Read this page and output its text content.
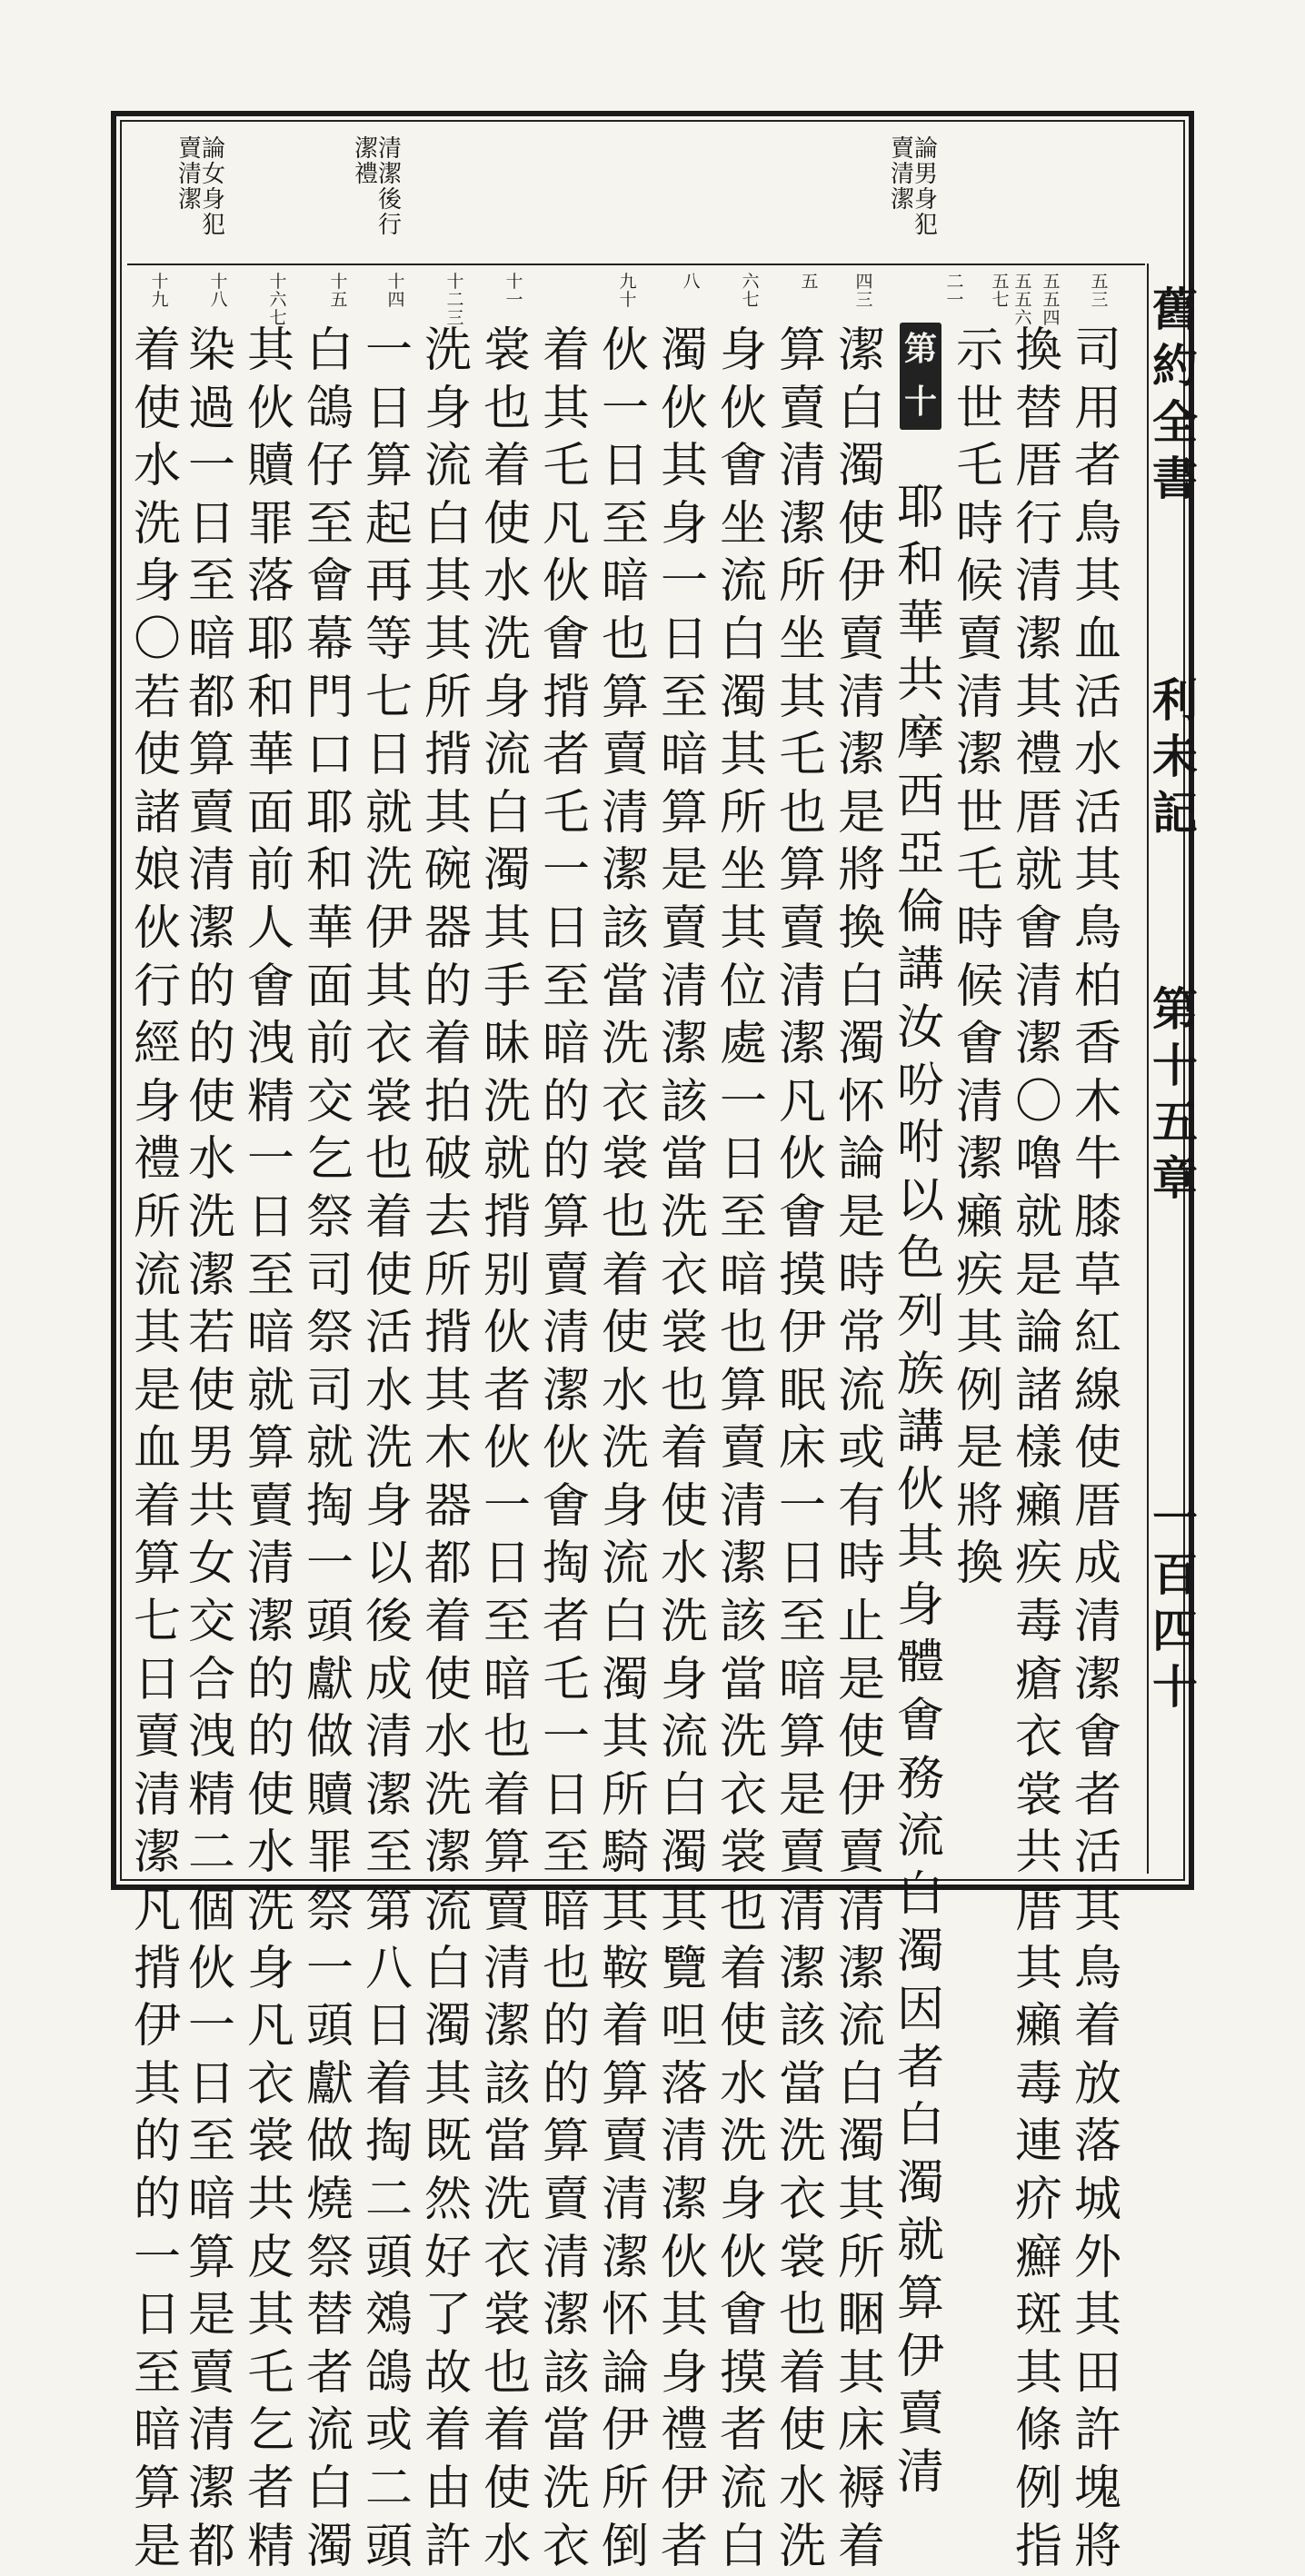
舊約全書
利未記
第十五章
一百四十
論男身犯
賣清潔
清潔後行
潔禮
論女身犯
賣清潔
五三
五五四
五五六
五七
二一
四三
五
六七
八
九十
十一
十二三
十四
十五
十六七
十八
十九
司用者鳥其血活水活其鳥柏香木牛膝草紅線使厝成清潔㑹者活其鳥着放落城外其田許塊將
換替厝行清潔其禮厝就㑹清潔〇嚕就是論諸樣癩疾毒瘡衣裳共厝其癩毒連疥癬斑其條例指
示世乇時候賣清潔世乇時候㑹清潔癩疾其例是將換
第十五耶和華共摩西亞倫講汝吩咐以色列族講伙其身體㑹務流白濁因者白濁就算伊賣清
潔白濁使伊賣清潔是將換白濁怀論是時常流或有時止是使伊賣清潔流白濁其所睏其床褥着
算賣清潔所坐其乇也算賣清潔凡伙㑹摸伊眠床一日至暗算是賣清潔該當洗衣裳也着使水洗
身伙㑹坐流白濁其所坐其位處一日至暗也算賣清潔該當洗衣裳也着使水洗身伙㑹摸者流白
濁伙其身一日至暗算是賣清潔該當洗衣裳也着使水洗身流白濁其覽呾落清潔伙其身禮伊者
伙一日至暗也算賣清潔該當洗衣裳也着使水洗身流白濁其所騎其鞍着算賣清潔怀論伊所倒
着其乇凡伙㑹揹者乇一日至暗的的算賣清潔伙㑹掏者乇一日至暗也的的算賣清潔該當洗衣
裳也着使水洗身流白濁其手昧洗就揹别伙者伙一日至暗也着算賣清潔該當洗衣裳也着使水
洗身流白其其所揹其碗器的着拍破去所揹其木器都着使水洗潔流白濁其既然好了故着由許
一日算起再等七日就洗伊其衣裳也着使活水洗身以後成清潔至第八日着掏二頭鵁鴿或二頭
白鴿仔至會幕門口耶和華面前交乞祭司祭司就掏一頭獻做贖罪祭一頭獻做燒祭替者流白濁
其伙贖罪落耶和華面前人㑹洩精一日至暗就算賣清潔的的使水洗身凡衣裳共皮其乇乞者精
染過一日至暗都算賣清潔的的使水洗潔若使男共女交合洩精二個伙一日至暗算是賣清潔都
着使水洗身〇若使諸娘伙行經身禮所流其是血着算七日賣清潔凡揹伊其的的一日至暗算是
